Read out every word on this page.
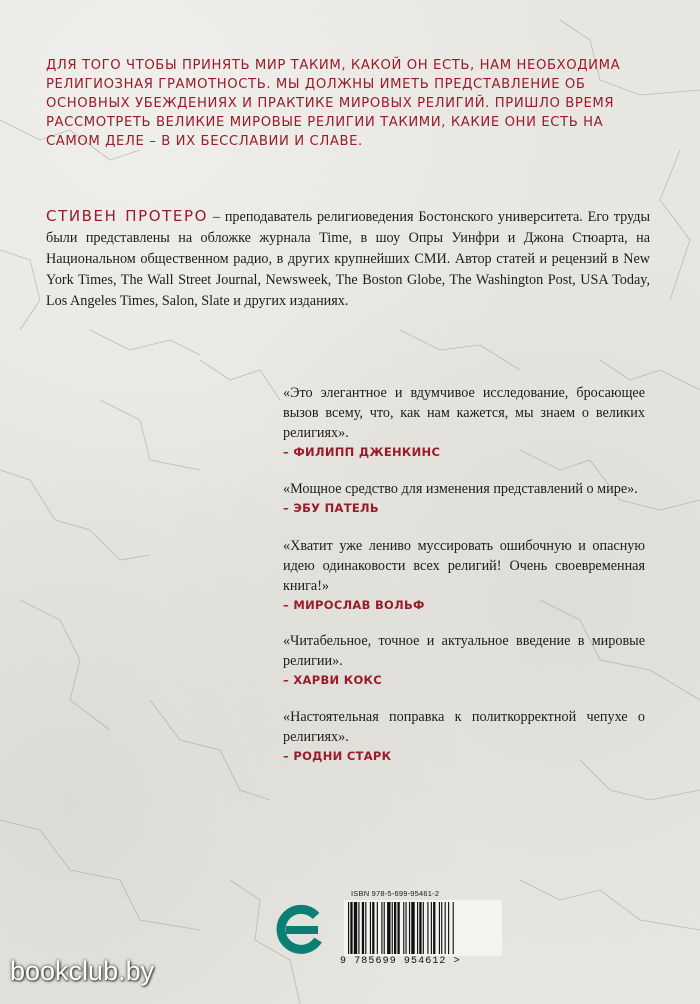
ДЛЯ ТОГО ЧТОБЫ ПРИНЯТЬ МИР ТАКИМ, КАКОЙ ОН ЕСТЬ, НАМ НЕОБХОДИМА РЕЛИГИОЗНАЯ ГРАМОТНОСТЬ. МЫ ДОЛЖНЫ ИМЕТЬ ПРЕДСТАВЛЕНИЕ ОБ ОСНОВНЫХ УБЕЖДЕНИЯХ И ПРАКТИКЕ МИРОВЫХ РЕЛИГИЙ. ПРИШЛО ВРЕМЯ РАССМОТРЕТЬ ВЕЛИКИЕ МИРОВЫЕ РЕЛИГИИ ТАКИМИ, КАКИЕ ОНИ ЕСТЬ НА САМОМ ДЕЛЕ – В ИХ БЕССЛАВИИ И СЛАВЕ.
СТИВЕН ПРОТЕРО – преподаватель религиоведения Бостонского университета. Его труды были представлены на обложке журнала Time, в шоу Опры Уинфри и Джона Стюарта, на Национальном общественном радио, в других крупнейших СМИ. Автор статей и рецензий в New York Times, The Wall Street Journal, Newsweek, The Boston Globe, The Washington Post, USA Today, Los Angeles Times, Salon, Slate и других изданиях.
«Это элегантное и вдумчивое исследование, бросающее вызов всему, что, как нам кажется, мы знаем о великих религиях».
– ФИЛИПП ДЖЕНКИНС
«Мощное средство для изменения представлений о мире».
– ЭБУ ПАТЕЛЬ
«Хватит уже лениво муссировать ошибочную и опасную идею одинаковости всех религий! Очень своевременная книга!»
– МИРОСЛАВ ВОЛЬФ
«Читабельное, точное и актуальное введение в мировые религии».
– ХАРВИ КОКС
«Настоятельная поправка к политкорректной чепухе о религиях».
– РОДНИ СТАРК
ISBN 978-5-699-95461-2
9 785699 954612 >
bookclub.by
